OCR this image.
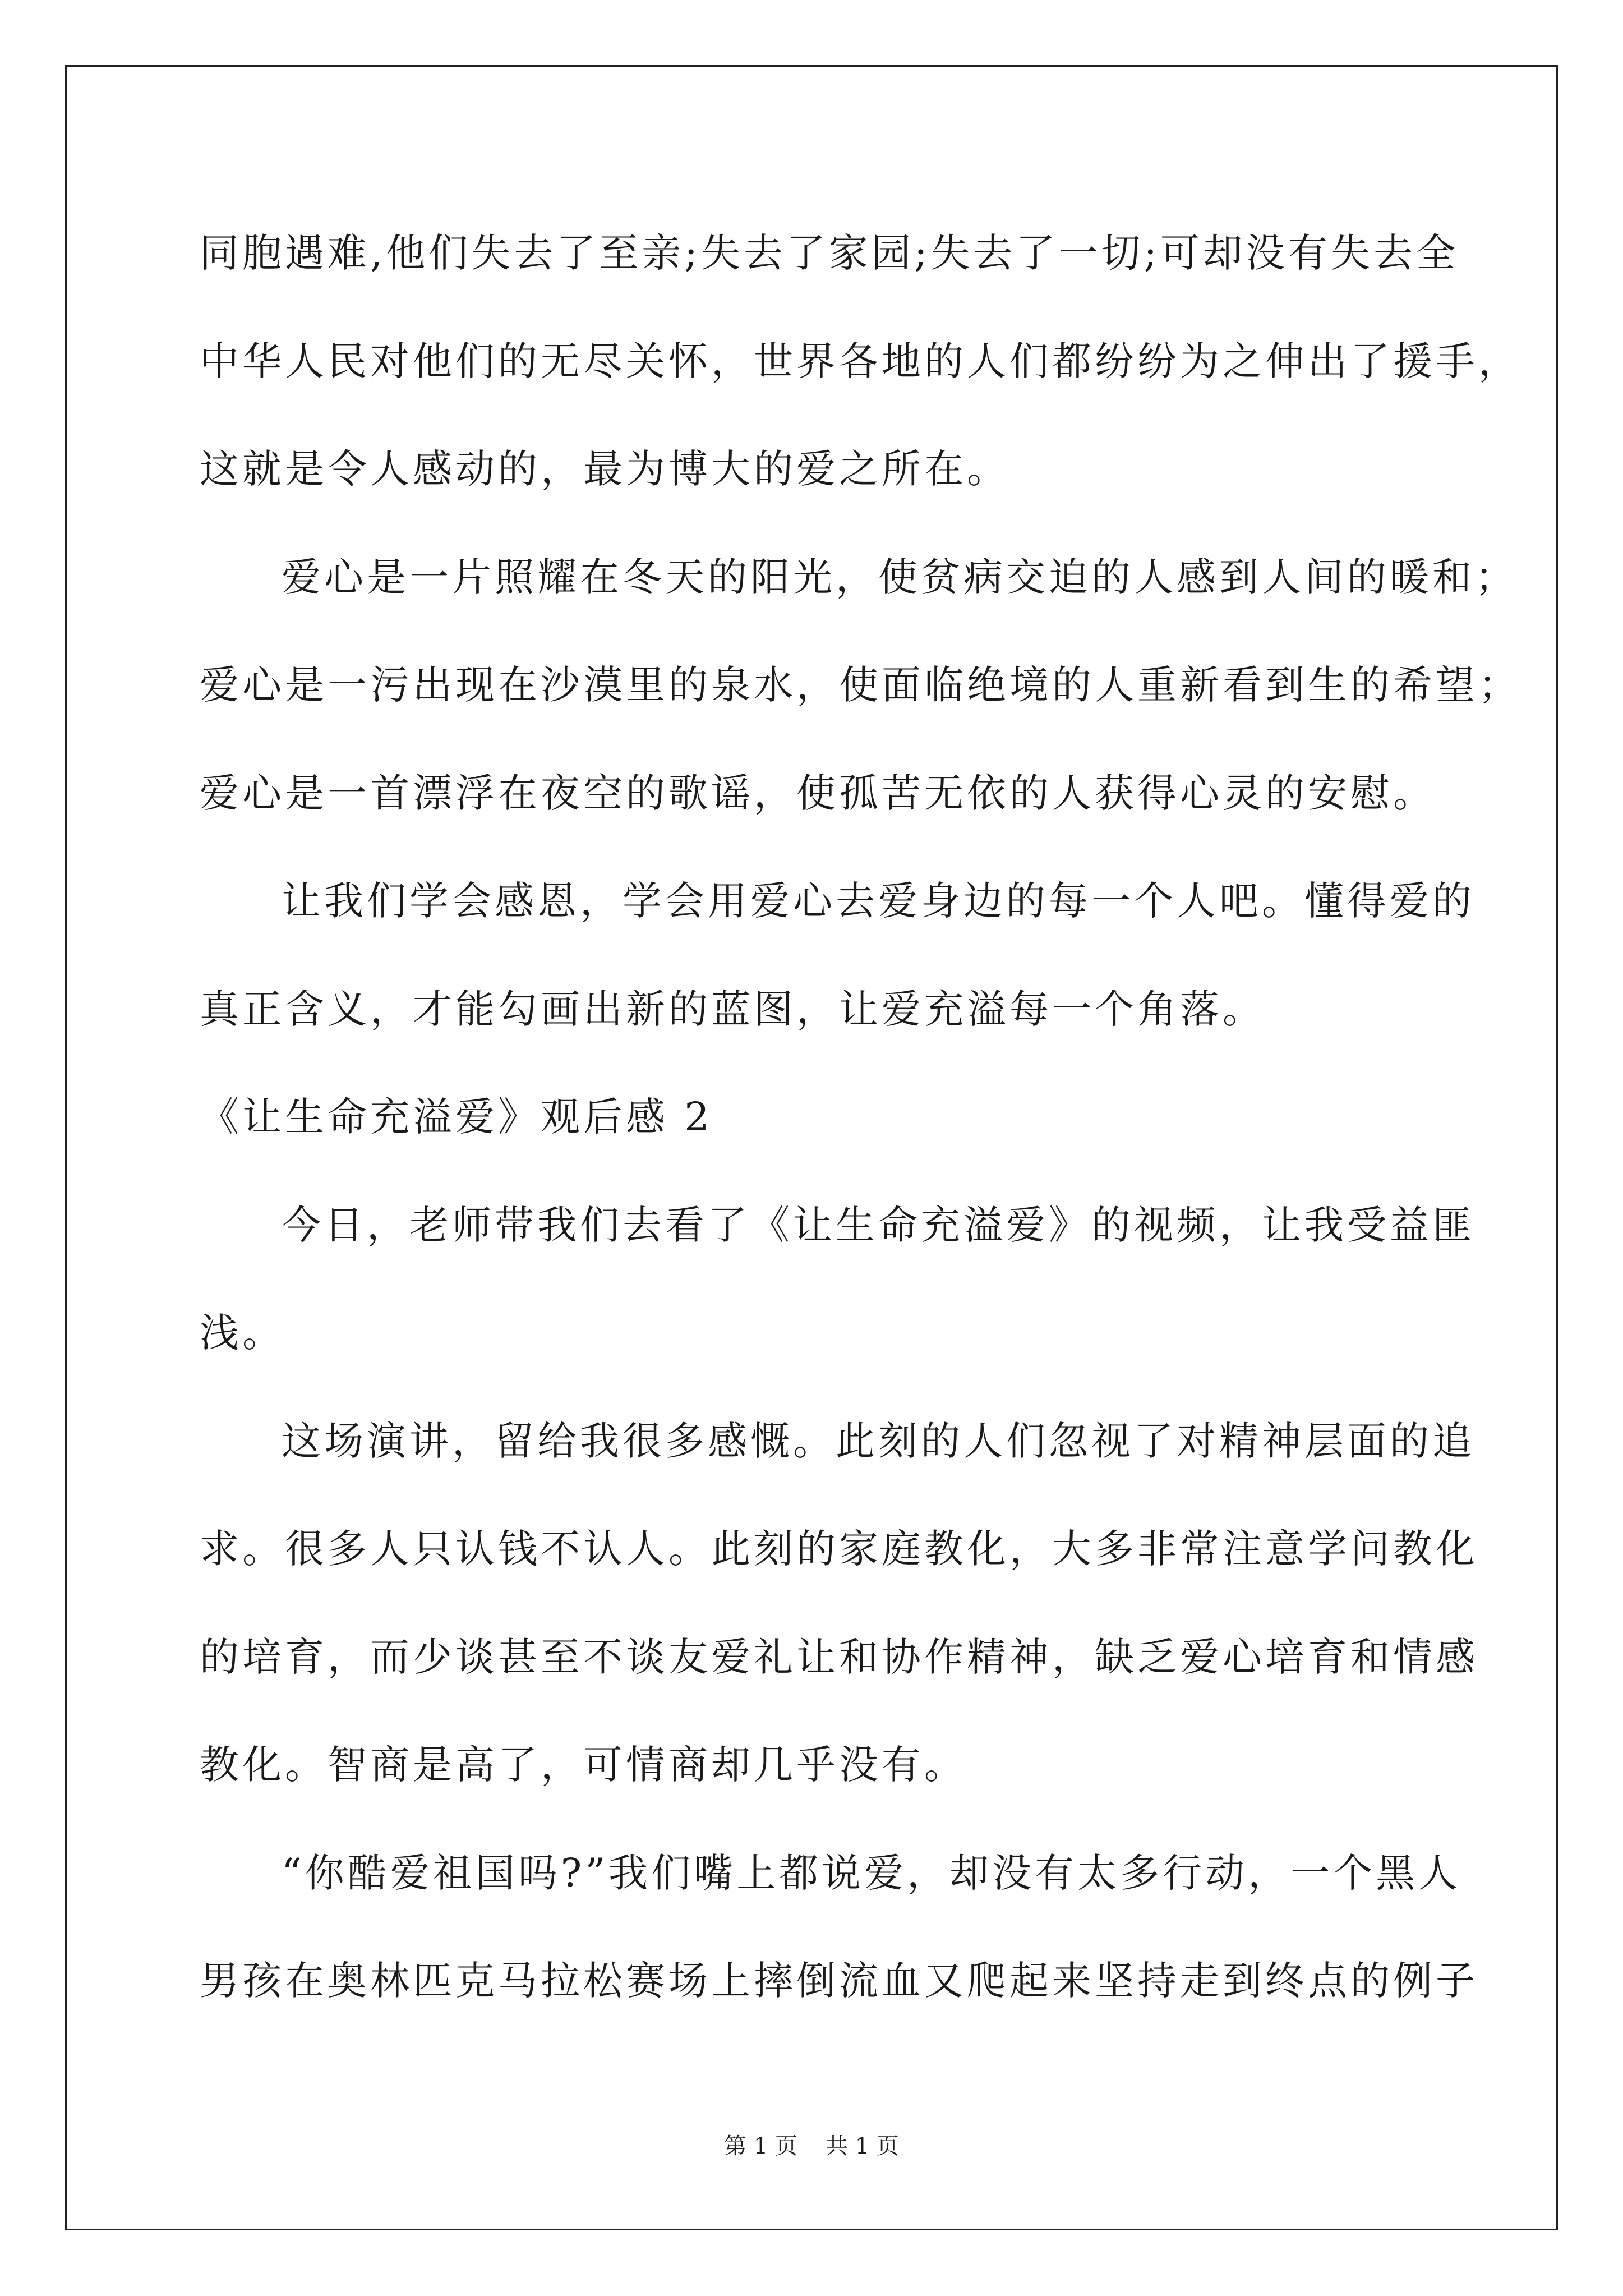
同胞遇难,他们失去了至亲;失去了家园;失去了一切;可却没有失去全
中华人民对他们的无尽关怀，世界各地的人们都纷纷为之伸出了援手，
这就是令人感动的，最为博大的爱之所在。
爱心是一片照耀在冬天的阳光，使贫病交迫的人感到人间的暖和；
爱心是一污出现在沙漠里的泉水，使面临绝境的人重新看到生的希望；
爱心是一首漂浮在夜空的歌谣，使孤苦无依的人获得心灵的安慰。
让我们学会感恩，学会用爱心去爱身边的每一个人吧。懂得爱的
真正含义，才能勾画出新的蓝图，让爱充溢每一个角落。
《让生命充溢爱》观后感 2
今日，老师带我们去看了《让生命充溢爱》的视频，让我受益匪
浅。
这场演讲，留给我很多感慨。此刻的人们忽视了对精神层面的追
求。很多人只认钱不认人。此刻的家庭教化，大多非常注意学问教化
的培育，而少谈甚至不谈友爱礼让和协作精神，缺乏爱心培育和情感
教化。智商是高了，可情商却几乎没有。
“你酷爱祖国吗?”我们嘴上都说爱，却没有太多行动，一个黑人
男孩在奥林匹克马拉松赛场上摔倒流血又爬起来坚持走到终点的例子
第 1 页 共 1 页
